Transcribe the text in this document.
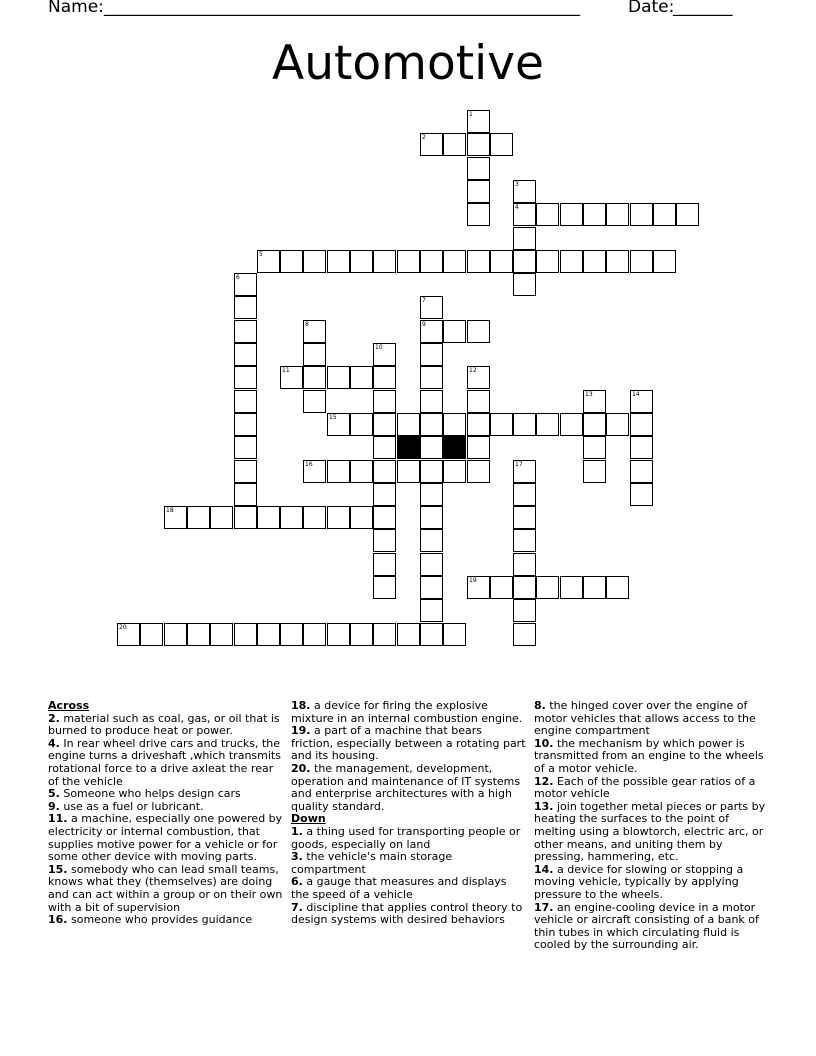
Name: ________________________________________________________	Date:
_______
Automotive
1
2
3
4
5
6
7
9
8
10
11	12
13	14
15
16	17
18
19
20
Across
2. material such as coal, gas, or oil that is burned to produce heat or power.
4. In rear wheel drive cars and trucks, the engine turns a driveshaft ,which transmits rotational force to a drive axleat the rear of the vehicle
5. Someone who helps design cars
9. use as a fuel or lubricant.
11. a machine, especially one powered by electricity or internal combustion, that supplies motive power for a vehicle or for some other device with moving parts.
15. somebody who can lead small teams, knows what they (themselves) are doing and can act within a group or on their own with a bit of supervision
16. someone who provides guidance
18. a device for firing the explosive mixture in an internal combustion engine.
19. a part of a machine that bears friction, especially between a rotating part and its housing.
20. the management, development, operation and maintenance of IT systems and enterprise architectures with a high quality standard.
Down
1. a thing used for transporting people or goods, especially on land
3. the vehicle's main storage compartment
6. a gauge that measures and displays the speed of a vehicle
7. discipline that applies control theory to design systems with desired behaviors
8. the hinged cover over the engine of motor vehicles that allows access to the engine compartment
10. the mechanism by which power is transmitted from an engine to the wheels of a motor vehicle.
12. Each of the possible gear ratios of a motor vehicle
13. join together metal pieces or parts by heating the surfaces to the point of melting using a blowtorch, electric arc, or other means, and uniting them by pressing, hammering, etc.
14. a device for slowing or stopping a moving vehicle, typically by applying pressure to the wheels.
17. an engine-cooling device in a motor vehicle or aircraft consisting of a bank of thin tubes in which circulating fluid is cooled by the surrounding air.
